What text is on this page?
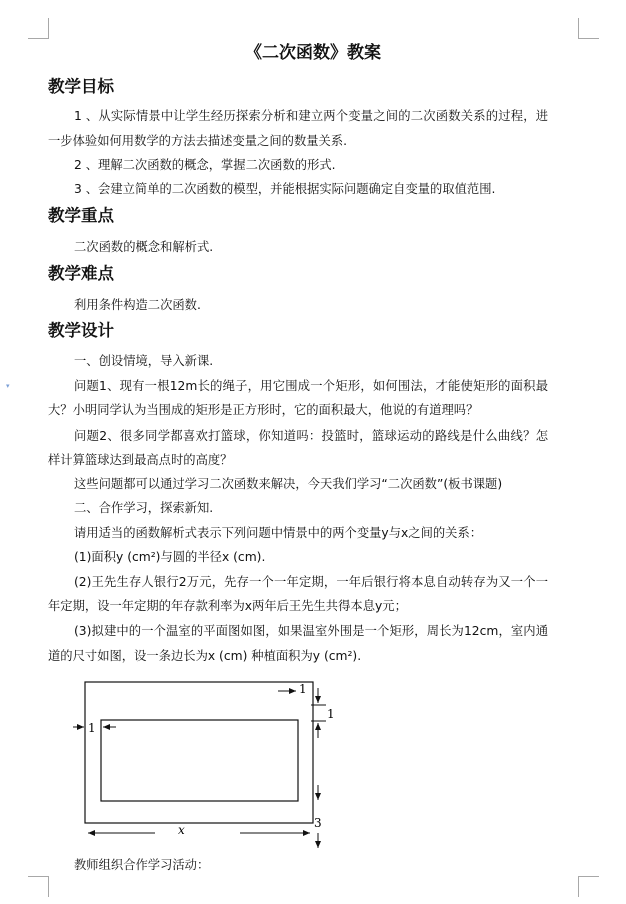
▾
《二次函数》教案
教学目标
1 、从实际情景中让学生经历探索分析和建立两个变量之间的二次函数关系的过程，进
一步体验如何用数学的方法去描述变量之间的数量关系.
2 、理解二次函数的概念，掌握二次函数的形式.
3 、会建立简单的二次函数的模型，并能根据实际问题确定自变量的取值范围.
教学重点
二次函数的概念和解析式.
教学难点
利用条件构造二次函数.
教学设计
一、创设情境，导入新课.
问题1、现有一根12m长的绳子，用它围成一个矩形，如何围法，才能使矩形的面积最
大？小明同学认为当围成的矩形是正方形时，它的面积最大，他说的有道理吗？
问题2、很多同学都喜欢打篮球，你知道吗：投篮时，篮球运动的路线是什么曲线？怎
样计算篮球达到最高点时的高度？
这些问题都可以通过学习二次函数来解决，今天我们学习“二次函数”(板书课题)
二、合作学习，探索新知.
请用适当的函数解析式表示下列问题中情景中的两个变量y与x之间的关系：
(1)面积y (cm²)与圆的半径x (cm).
(2)王先生存人银行2万元，先存一个一年定期，一年后银行将本息自动转存为又一个一
年定期，设一年定期的年存款利率为x两年后王先生共得本息y元；
(3)拟建中的一个温室的平面图如图，如果温室外围是一个矩形，周长为12cm，室内通
道的尺寸如图，设一条边长为x (cm) 种植面积为y (cm²).
1
1
1
3
x
教师组织合作学习活动：
